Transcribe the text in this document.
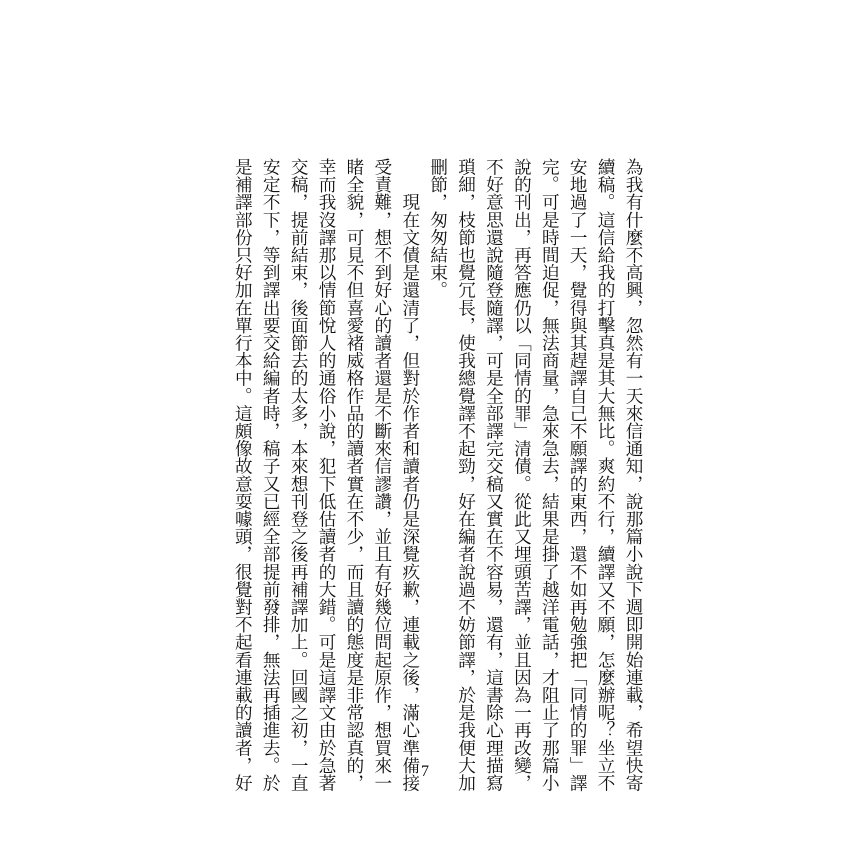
為我有什麼不高興，忽然有一天來信通知，說那篇小說下週即開始連載，希望快寄
續稿。這信給我的打擊真是其大無比。爽約不行，續譯又不願，怎麼辦呢？坐立不
安地過了一天，覺得與其趕譯自己不願譯的東西，還不如再勉強把「同情的罪」譯
完。可是時間迫促，無法商量，急來急去，結果是掛了越洋電話，才阻止了那篇小
說的刊出，再答應仍以「同情的罪」清債。從此又埋頭苦譯，並且因為一再改變，
不好意思還說隨登隨譯，可是全部譯完交稿又實在不容易，還有，這書除心理描寫
瑣細，枝節也覺冗長，使我總覺譯不起勁，好在編者說過不妨節譯，於是我便大加
刪節，匆匆結束。
　　現在文債是還清了，但對於作者和讀者仍是深覺疚歉，連載之後，滿心準備接
受責難，想不到好心的讀者還是不斷來信謬讚，並且有好幾位問起原作，想買來一
睹全貌，可見不但喜愛褚威格作品的讀者實在不少，而且讀的態度是非常認真的，
幸而我沒譯那以情節悅人的通俗小說，犯下低估讀者的大錯。可是這譯文由於急著
交稿，提前結束，後面節去的太多，本來想刊登之後再補譯加上。回國之初，一直
安定不下，等到譯出要交給編者時，稿子又已經全部提前發排，無法再插進去。於
是補譯部份只好加在單行本中。這頗像故意耍噱頭，很覺對不起看連載的讀者，好	7
